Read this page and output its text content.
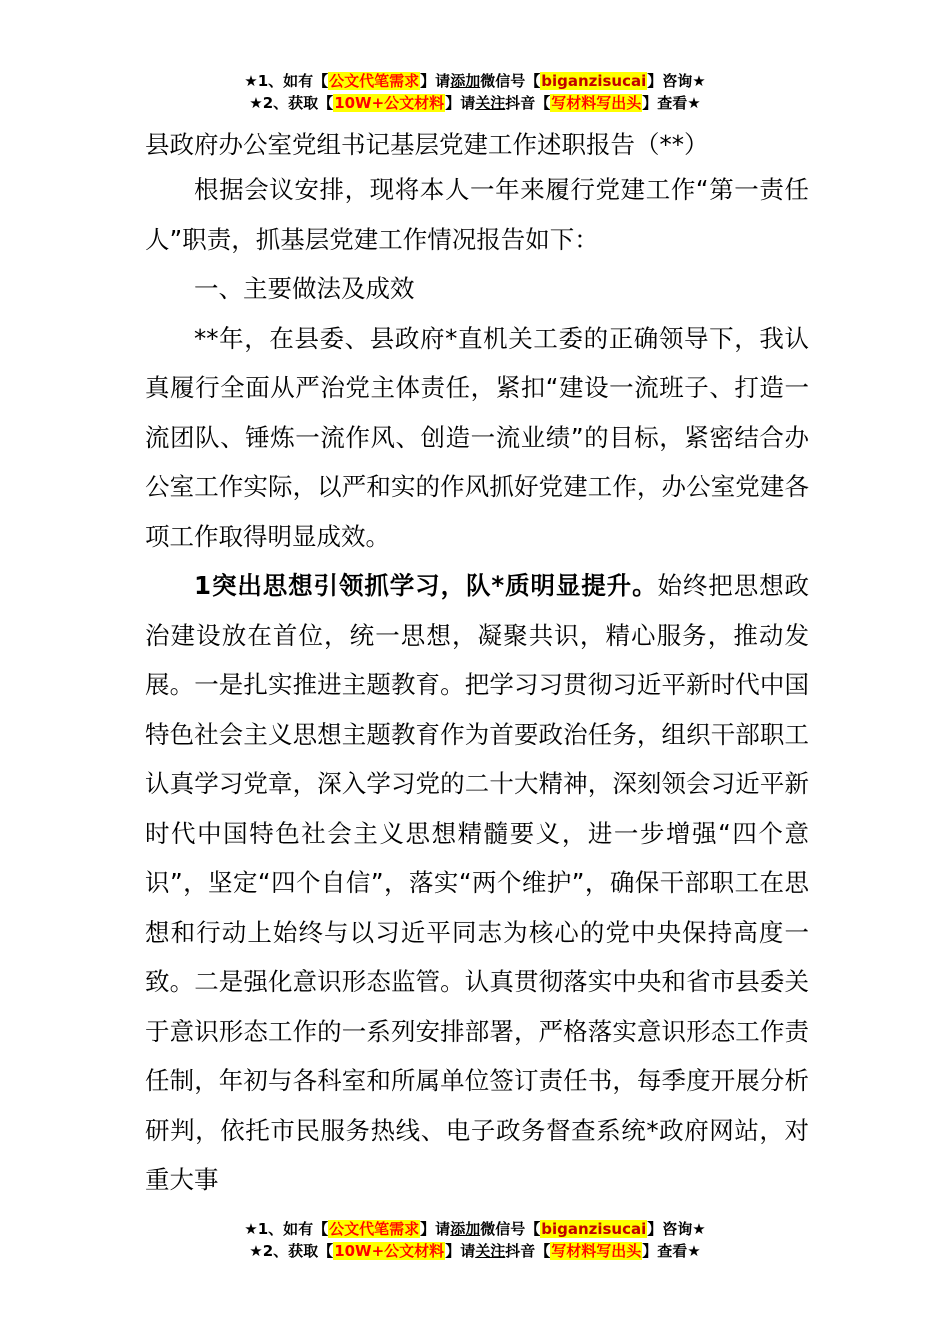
★1、如有【公文代笔需求】请添加微信号【biganzisucai】咨询★
★2、获取【10W+公文材料】请关注抖音【写材料写出头】查看★
县政府办公室党组书记基层党建工作述职报告（**）

根据会议安排，现将本人一年来履行党建工作“第一责任人”职责，抓基层党建工作情况报告如下：

一、主要做法及成效

**年，在县委、县政府*直机关工委的正确领导下，我认真履行全面从严治党主体责任，紧扣“建设一流班子、打造一流团队、锤炼一流作风、创造一流业绩”的目标，紧密结合办公室工作实际，以严和实的作风抓好党建工作，办公室党建各项工作取得明显成效。

1突出思想引领抓学习，队*质明显提升。始终把思想政治建设放在首位，统一思想，凝聚共识，精心服务，推动发展。一是扎实推进主题教育。把学习习贯彻习近平新时代中国特色社会主义思想主题教育作为首要政治任务，组织干部职工认真学习党章，深入学习党的二十大精神，深刻领会习近平新时代中国特色社会主义思想精髓要义，进一步增强“四个意识”，坚定“四个自信”，落实“两个维护”，确保干部职工在思想和行动上始终与以习近平同志为核心的党中央保持高度一致。二是强化意识形态监管。认真贯彻落实中央和省市县委关于意识形态工作的一系列安排部署，严格落实意识形态工作责任制，年初与各科室和所属单位签订责任书，每季度开展分析研判，依托市民服务热线、电子政务督查系统*政府网站，对重大事

★1、如有【公文代笔需求】请添加微信号【biganzisucai】咨询★
★2、获取【10W+公文材料】请关注抖音【写材料写出头】查看★
